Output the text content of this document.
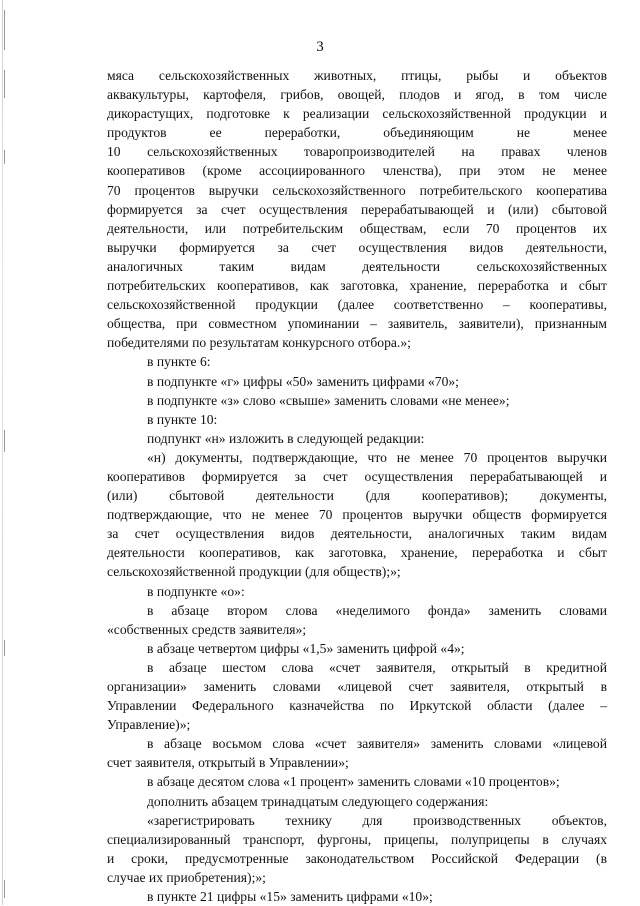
3
мяса сельскохозяйственных животных, птицы, рыбы и объектов
аквакультуры, картофеля, грибов, овощей, плодов и ягод, в том числе
дикорастущих, подготовке к реализации сельскохозяйственной продукции и
продуктов ее переработки, объединяющим не менее
10 сельскохозяйственных товаропроизводителей на правах членов
кооперативов (кроме ассоциированного членства), при этом не менее
70 процентов выручки сельскохозяйственного потребительского кооператива
формируется за счет осуществления перерабатывающей и (или) сбытовой
деятельности, или потребительским обществам, если 70 процентов их
выручки формируется за счет осуществления видов деятельности,
аналогичных таким видам деятельности сельскохозяйственных
потребительских кооперативов, как заготовка, хранение, переработка и сбыт
сельскохозяйственной продукции (далее соответственно – кооперативы,
общества, при совместном упоминании – заявитель, заявители), признанным
победителями по результатам конкурсного отбора.»;
в пункте 6:
в подпункте «г» цифры «50» заменить цифрами «70»;
в подпункте «з» слово «свыше» заменить словами «не менее»;
в пункте 10:
подпункт «н» изложить в следующей редакции:
«н) документы, подтверждающие, что не менее 70 процентов выручки
кооперативов формируется за счет осуществления перерабатывающей и
(или) сбытовой деятельности (для кооперативов); документы,
подтверждающие, что не менее 70 процентов выручки обществ формируется
за счет осуществления видов деятельности, аналогичных таким видам
деятельности кооперативов, как заготовка, хранение, переработка и сбыт
сельскохозяйственной продукции (для обществ);»;
в подпункте «о»:
в абзаце втором слова «неделимого фонда» заменить словами
«собственных средств заявителя»;
в абзаце четвертом цифры «1,5» заменить цифрой «4»;
в абзаце шестом слова «счет заявителя, открытый в кредитной
организации» заменить словами «лицевой счет заявителя, открытый в
Управлении Федерального казначейства по Иркутской области (далее –
Управление)»;
в абзаце восьмом слова «счет заявителя» заменить словами «лицевой
счет заявителя, открытый в Управлении»;
в абзаце десятом слова «1 процент» заменить словами «10 процентов»;
дополнить абзацем тринадцатым следующего содержания:
«зарегистрировать технику для производственных объектов,
специализированный транспорт, фургоны, прицепы, полуприцепы в случаях
и сроки, предусмотренные законодательством Российской Федерации (в
случае их приобретения);»;
в пункте 21 цифры «15» заменить цифрами «10»;
